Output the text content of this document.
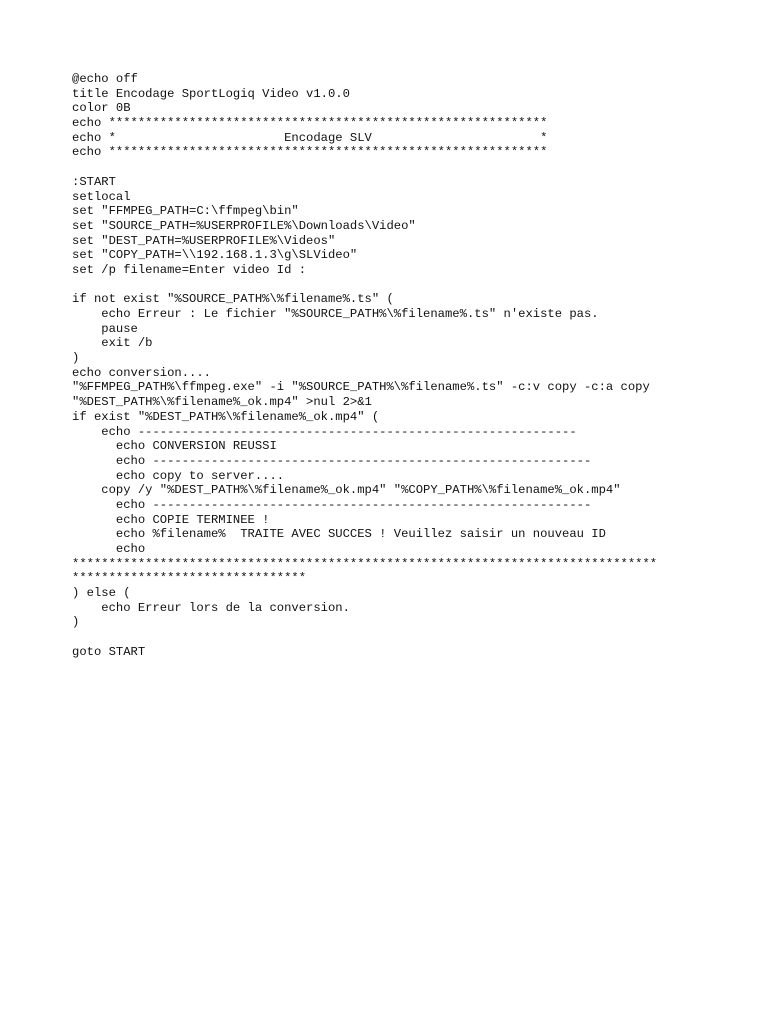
@echo off
title Encodage SportLogiq Video v1.0.0
color 0B
echo ************************************************************
echo *                       Encodage SLV                       *
echo ************************************************************
:START
setlocal
set "FFMPEG_PATH=C:\ffmpeg\bin"
set "SOURCE_PATH=%USERPROFILE%\Downloads\Video"
set "DEST_PATH=%USERPROFILE%\Videos"
set "COPY_PATH=\\192.168.1.3\g\SLVideo"
set /p filename=Enter video Id :
if not exist "%SOURCE_PATH%\%filename%.ts" (
echo Erreur : Le fichier "%SOURCE_PATH%\%filename%.ts" n'existe pas.
pause
exit /b
)
echo conversion....
"%FFMPEG_PATH%\ffmpeg.exe" -i "%SOURCE_PATH%\%filename%.ts" -c:v copy -c:a copy
"%DEST_PATH%\%filename%_ok.mp4" >nul 2>&1
if exist "%DEST_PATH%\%filename%_ok.mp4" (
echo ------------------------------------------------------------
echo CONVERSION REUSSI
echo ------------------------------------------------------------
echo copy to server....
copy /y "%DEST_PATH%\%filename%_ok.mp4" "%COPY_PATH%\%filename%_ok.mp4"
echo ------------------------------------------------------------
echo COPIE TERMINEE !
echo %filename%  TRAITE AVEC SUCCES ! Veuillez saisir un nouveau ID
echo
********************************************************************************
********************************
) else (
echo Erreur lors de la conversion.
)
goto START
